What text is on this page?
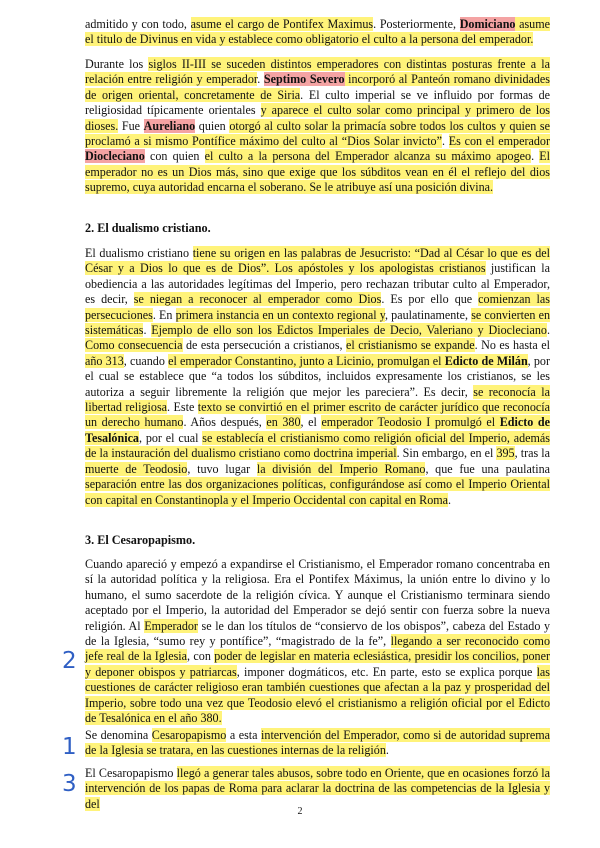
admitido y con todo, asume el cargo de Pontifex Maximus. Posteriormente, Domiciano asume el titulo de Divinus en vida y establece como obligatorio el culto a la persona del emperador.

Durante los siglos II-III se suceden distintos emperadores con distintas posturas frente a la relación entre religión y emperador. Septimo Severo incorporó al Panteón romano divinidades de origen oriental, concretamente de Siria. El culto imperial se ve influido por formas de religiosidad típicamente orientales y aparece el culto solar como principal y primero de los dioses. Fue Aureliano quien otorgó al culto solar la primacía sobre todos los cultos y quien se proclamó a si mismo Pontífice máximo del culto al “Dios Solar invicto”. Es con el emperador Diocleciano con quien el culto a la persona del Emperador alcanza su máximo apogeo. El emperador no es un Dios más, sino que exige que los súbditos vean en él el reflejo del dios supremo, cuya autoridad encarna el soberano. Se le atribuye así una posición divina.

2. El dualismo cristiano.

El dualismo cristiano tiene su origen en las palabras de Jesucristo: “Dad al César lo que es del César y a Dios lo que es de Dios”. Los apóstoles y los apologistas cristianos justifican la obediencia a las autoridades legítimas del Imperio, pero rechazan tributar culto al Emperador, es decir, se niegan a reconocer al emperador como Dios. Es por ello que comienzan las persecuciones. En primera instancia en un contexto regional y, paulatinamente, se convierten en sistemáticas. Ejemplo de ello son los Edictos Imperiales de Decio, Valeriano y Diocleciano. Como consecuencia de esta persecución a cristianos, el cristianismo se expande. No es hasta el año 313, cuando el emperador Constantino, junto a Licinio, promulgan el Edicto de Milán, por el cual se establece que “a todos los súbditos, incluidos expresamente los cristianos, se les autoriza a seguir libremente la religión que mejor les pareciera”. Es decir, se reconocía la libertad religiosa. Este texto se convirtió en el primer escrito de carácter jurídico que reconocía un derecho humano. Años después, en 380, el emperador Teodosio I promulgó el Edicto de Tesalónica, por el cual se establecía el cristianismo como religión oficial del Imperio, además de la instauración del dualismo cristiano como doctrina imperial. Sin embargo, en el 395, tras la muerte de Teodosio, tuvo lugar la división del Imperio Romano, que fue una paulatina separación entre las dos organizaciones políticas, configurándose así como el Imperio Oriental con capital en Constantinopla y el Imperio Occidental con capital en Roma.

3. El Cesaropapismo.

Cuando apareció y empezó a expandirse el Cristianismo, el Emperador romano concentraba en sí la autoridad política y la religiosa. Era el Pontifex Máximus, la unión entre lo divino y lo humano, el sumo sacerdote de la religión cívica. Y aunque el Cristianismo terminara siendo aceptado por el Imperio, la autoridad del Emperador se dejó sentir con fuerza sobre la nueva religión. Al Emperador se le dan los títulos de “consiervo de los obispos”, cabeza del Estado y de la Iglesia, “sumo rey y pontífice”, “magistrado de la fe”, llegando a ser reconocido como jefe real de la Iglesia, con poder de legislar en materia eclesiástica, presidir los concilios, poner y deponer obispos y patriarcas, imponer dogmáticos, etc. En parte, esto se explica porque las cuestiones de carácter religioso eran también cuestiones que afectan a la paz y prosperidad del Imperio, sobre todo una vez que Teodosio elevó el cristianismo a religión oficial por el Edicto de Tesalónica en el año 380.

Se denomina Cesaropapismo a esta intervención del Emperador, como si de autoridad suprema de la Iglesia se tratara, en las cuestiones internas de la religión.

El Cesaropapismo llegó a generar tales abusos, sobre todo en Oriente, que en ocasiones forzó la intervención de los papas de Roma para aclarar la doctrina de las competencias de la Iglesia y del

2
1
3
2
